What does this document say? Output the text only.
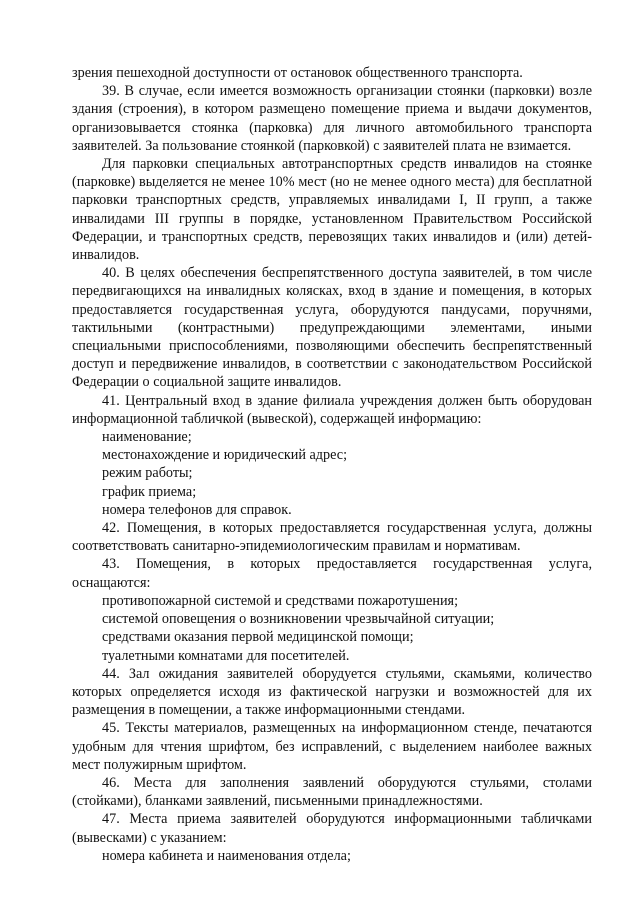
зрения пешеходной доступности от остановок общественного транспорта.

39. В случае, если имеется возможность организации стоянки (парковки) возле здания (строения), в котором размещено помещение приема и выдачи документов, организовывается стоянка (парковка) для личного автомобильного транспорта заявителей. За пользование стоянкой (парковкой) с заявителей плата не взимается.

Для парковки специальных автотранспортных средств инвалидов на стоянке (парковке) выделяется не менее 10% мест (но не менее одного места) для бесплатной парковки транспортных средств, управляемых инвалидами I, II групп, а также инвалидами III группы в порядке, установленном Правительством Российской Федерации, и транспортных средств, перевозящих таких инвалидов и (или) детей-инвалидов.

40. В целях обеспечения беспрепятственного доступа заявителей, в том числе передвигающихся на инвалидных колясках, вход в здание и помещения, в которых предоставляется государственная услуга, оборудуются пандусами, поручнями, тактильными (контрастными) предупреждающими элементами, иными специальными приспособлениями, позволяющими обеспечить беспрепятственный доступ и передвижение инвалидов, в соответствии с законодательством Российской Федерации о социальной защите инвалидов.

41. Центральный вход в здание филиала учреждения должен быть оборудован информационной табличкой (вывеской), содержащей информацию:

наименование;

местонахождение и юридический адрес;

режим работы;

график приема;

номера телефонов для справок.

42. Помещения, в которых предоставляется государственная услуга, должны соответствовать санитарно-эпидемиологическим правилам и нормативам.

43. Помещения, в которых предоставляется государственная услуга, оснащаются:

противопожарной системой и средствами пожаротушения;

системой оповещения о возникновении чрезвычайной ситуации;

средствами оказания первой медицинской помощи;

туалетными комнатами для посетителей.

44. Зал ожидания заявителей оборудуется стульями, скамьями, количество которых определяется исходя из фактической нагрузки и возможностей для их размещения в помещении, а также информационными стендами.

45. Тексты материалов, размещенных на информационном стенде, печатаются удобным для чтения шрифтом, без исправлений, с выделением наиболее важных мест полужирным шрифтом.

46. Места для заполнения заявлений оборудуются стульями, столами (стойками), бланками заявлений, письменными принадлежностями.

47. Места приема заявителей оборудуются информационными табличками (вывесками) с указанием:

номера кабинета и наименования отдела;
